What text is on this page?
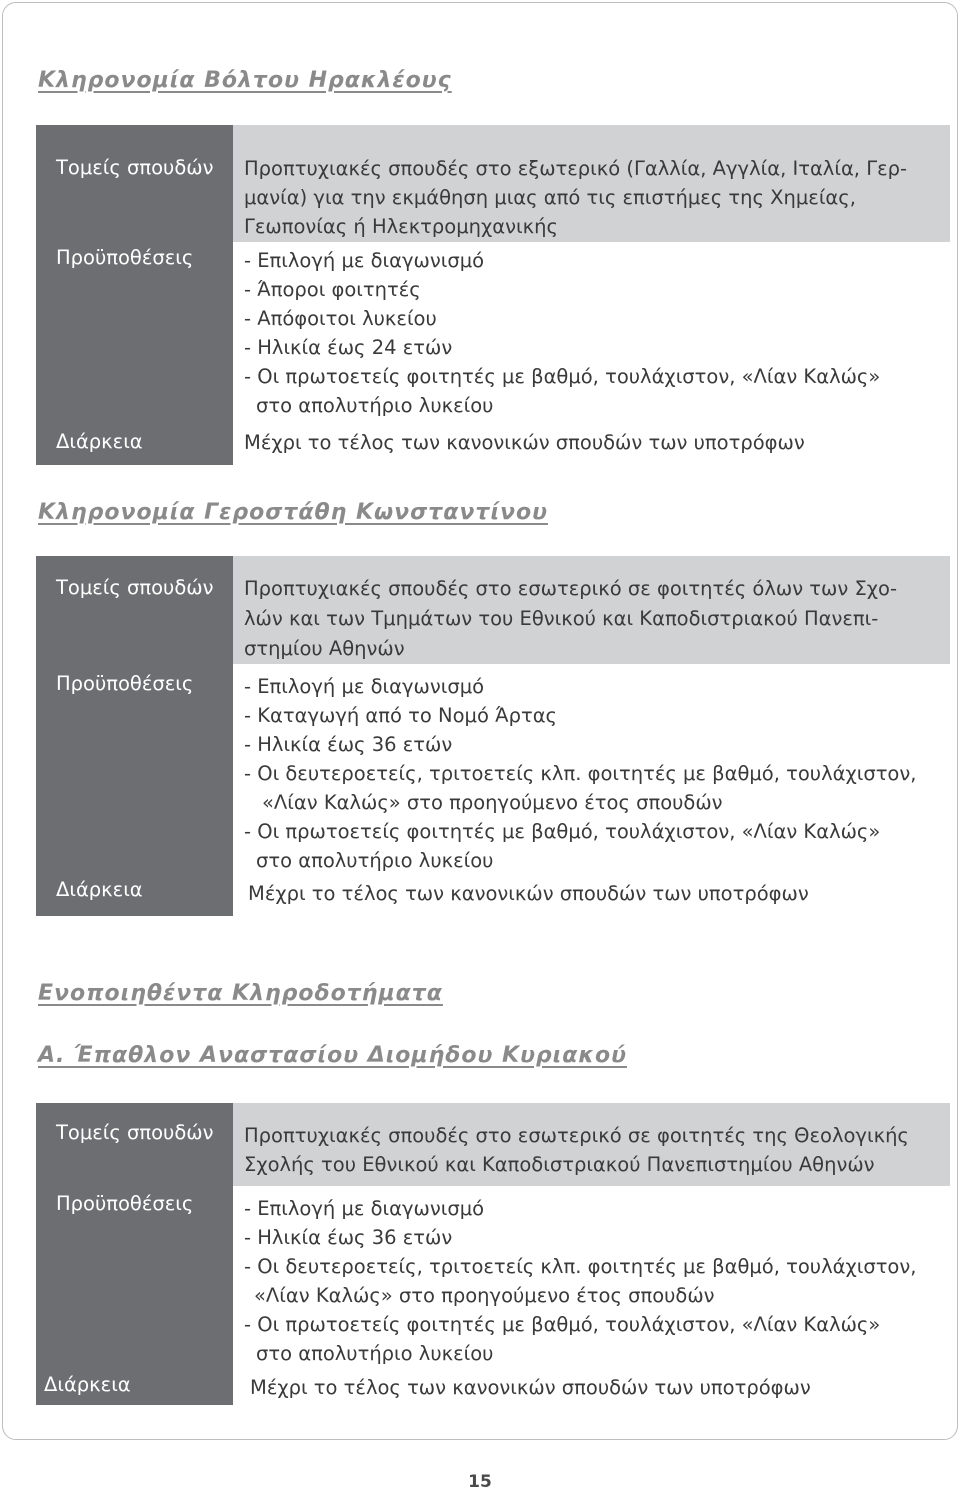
Κληρονομία Βόλτου Ηρακλέους
Τομείς σπουδών
Προϋποθέσεις
Διάρκεια
Προπτυχιακές σπουδές στο εξωτερικό (Γαλλία, Αγγλία, Ιταλία, Γερ-
μανία) για την εκμάθηση μιας από τις επιστήμες της Χημείας,
Γεωπονίας ή Ηλεκτρομηχανικής
- Επιλογή με διαγωνισμό
- Άποροι φοιτητές
- Απόφοιτοι λυκείου
- Ηλικία έως 24 ετών
- Οι πρωτοετείς φοιτητές με βαθμό, τουλάχιστον, «Λίαν Καλώς»
στο απολυτήριο λυκείου
Μέχρι το τέλος των κανονικών σπουδών των υποτρόφων
Κληρονομία Γεροστάθη Κωνσταντίνου
Τομείς σπουδών
Προϋποθέσεις
Διάρκεια
Προπτυχιακές σπουδές στο εσωτερικό σε φοιτητές όλων των Σχο-
λών και των Τμημάτων του Εθνικού και Καποδιστριακού Πανεπι-
στημίου Αθηνών
- Επιλογή με διαγωνισμό
- Καταγωγή από το Νομό Άρτας
- Ηλικία έως 36 ετών
- Οι δευτεροετείς, τριτοετείς κλπ. φοιτητές με βαθμό, τουλάχιστον,
«Λίαν Καλώς» στο προηγούμενο έτος σπουδών
- Οι πρωτοετείς φοιτητές με βαθμό, τουλάχιστον, «Λίαν Καλώς»
στο απολυτήριο λυκείου
Μέχρι το τέλος των κανονικών σπουδών των υποτρόφων
Ενοποιηθέντα Κληροδοτήματα
Α. Έπαθλον Αναστασίου Διομήδου Κυριακού
Τομείς σπουδών
Προϋποθέσεις
Διάρκεια
Προπτυχιακές σπουδές στο εσωτερικό σε φοιτητές της Θεολογικής
Σχολής του Εθνικού και Καποδιστριακού Πανεπιστημίου Αθηνών
- Επιλογή με διαγωνισμό
- Ηλικία έως 36 ετών
- Οι δευτεροετείς, τριτοετείς κλπ. φοιτητές με βαθμό, τουλάχιστον,
«Λίαν Καλώς» στο προηγούμενο έτος σπουδών
- Οι πρωτοετείς φοιτητές με βαθμό, τουλάχιστον, «Λίαν Καλώς»
στο απολυτήριο λυκείου
Μέχρι το τέλος των κανονικών σπουδών των υποτρόφων
15
